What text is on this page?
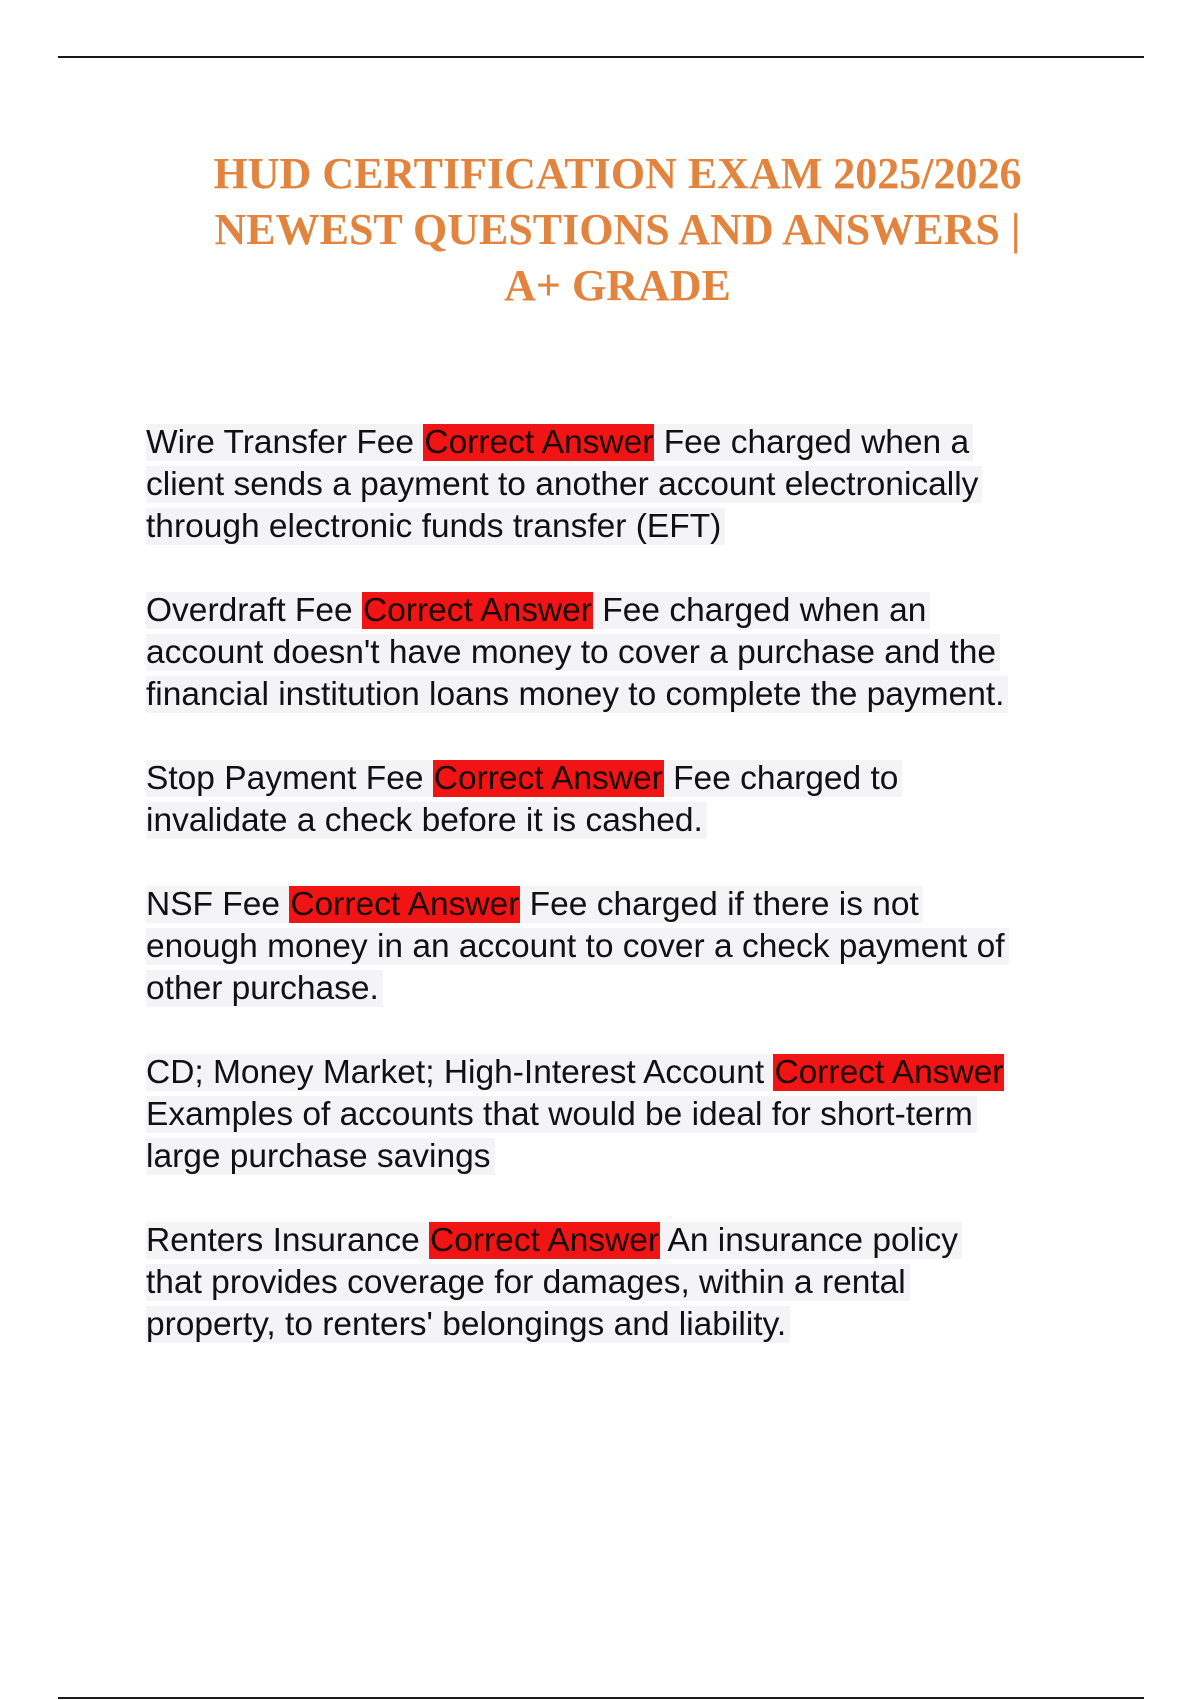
HUD CERTIFICATION EXAM 2025/2026
NEWEST QUESTIONS AND ANSWERS |
A+ GRADE
Wire Transfer Fee Correct Answer Fee charged when a
client sends a payment to another account electronically
through electronic funds transfer (EFT)
Overdraft Fee Correct Answer Fee charged when an
account doesn't have money to cover a purchase and the
financial institution loans money to complete the payment.
Stop Payment Fee Correct Answer Fee charged to
invalidate a check before it is cashed.
NSF Fee Correct Answer Fee charged if there is not
enough money in an account to cover a check payment of
other purchase.
CD; Money Market; High-Interest Account Correct Answer
Examples of accounts that would be ideal for short-term
large purchase savings
Renters Insurance Correct Answer An insurance policy
that provides coverage for damages, within a rental
property, to renters' belongings and liability.
